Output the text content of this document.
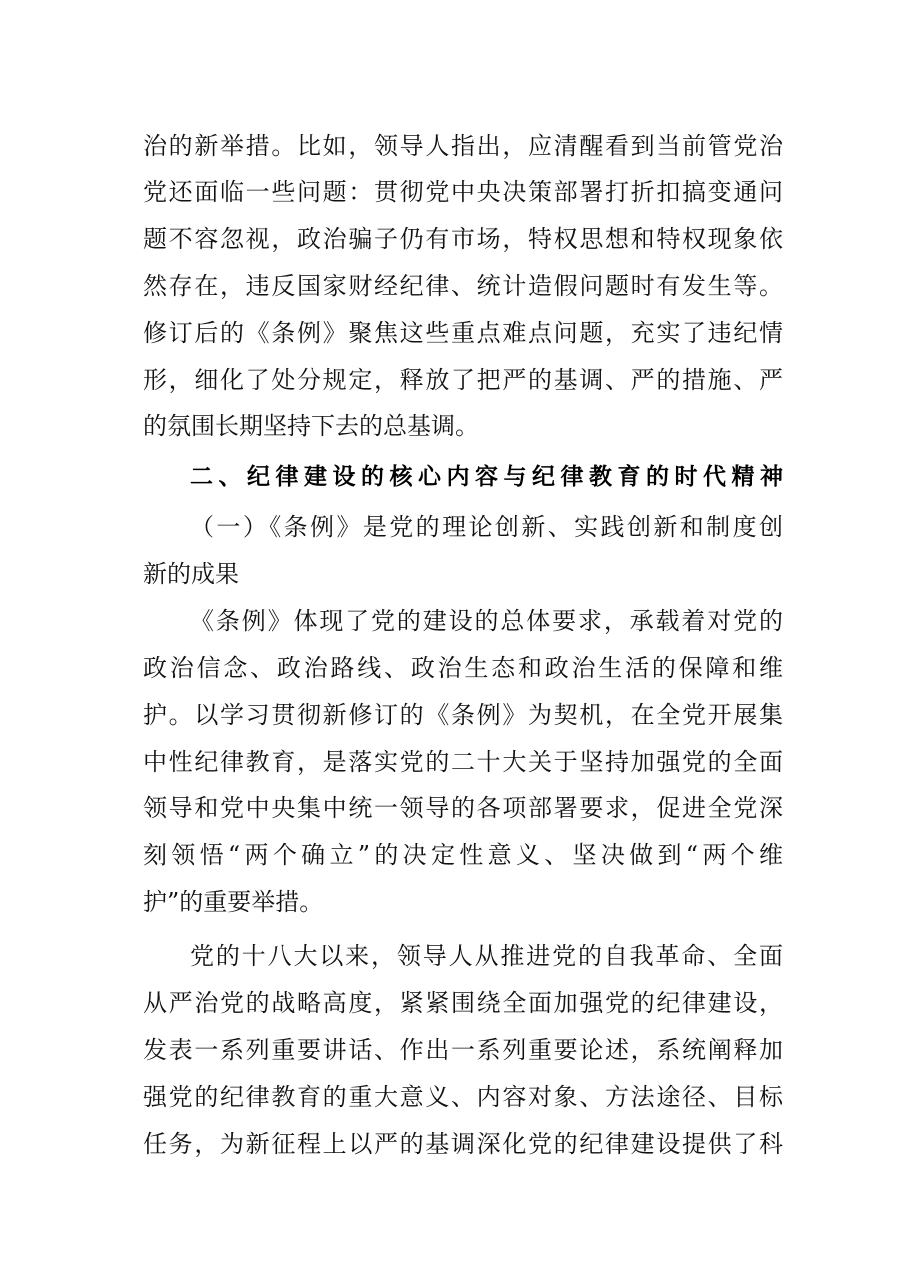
治的新举措。比如，领导人指出，应清醒看到当前管党治
党还面临一些问题：贯彻党中央决策部署打折扣搞变通问
题不容忽视，政治骗子仍有市场，特权思想和特权现象依
然存在，违反国家财经纪律、统计造假问题时有发生等。
修订后的《条例》聚焦这些重点难点问题，充实了违纪情
形，细化了处分规定，释放了把严的基调、严的措施、严
的氛围长期坚持下去的总基调。
二、纪律建设的核心内容与纪律教育的时代精神
（一）《条例》是党的理论创新、实践创新和制度创
新的成果
《条例》体现了党的建设的总体要求，承载着对党的
政治信念、政治路线、政治生态和政治生活的保障和维
护。以学习贯彻新修订的《条例》为契机，在全党开展集
中性纪律教育，是落实党的二十大关于坚持加强党的全面
领导和党中央集中统一领导的各项部署要求，促进全党深
刻领悟“两个确立”的决定性意义、坚决做到“两个维
护”的重要举措。
党的十八大以来，领导人从推进党的自我革命、全面
从严治党的战略高度，紧紧围绕全面加强党的纪律建设，
发表一系列重要讲话、作出一系列重要论述，系统阐释加
强党的纪律教育的重大意义、内容对象、方法途径、目标
任务，为新征程上以严的基调深化党的纪律建设提供了科
